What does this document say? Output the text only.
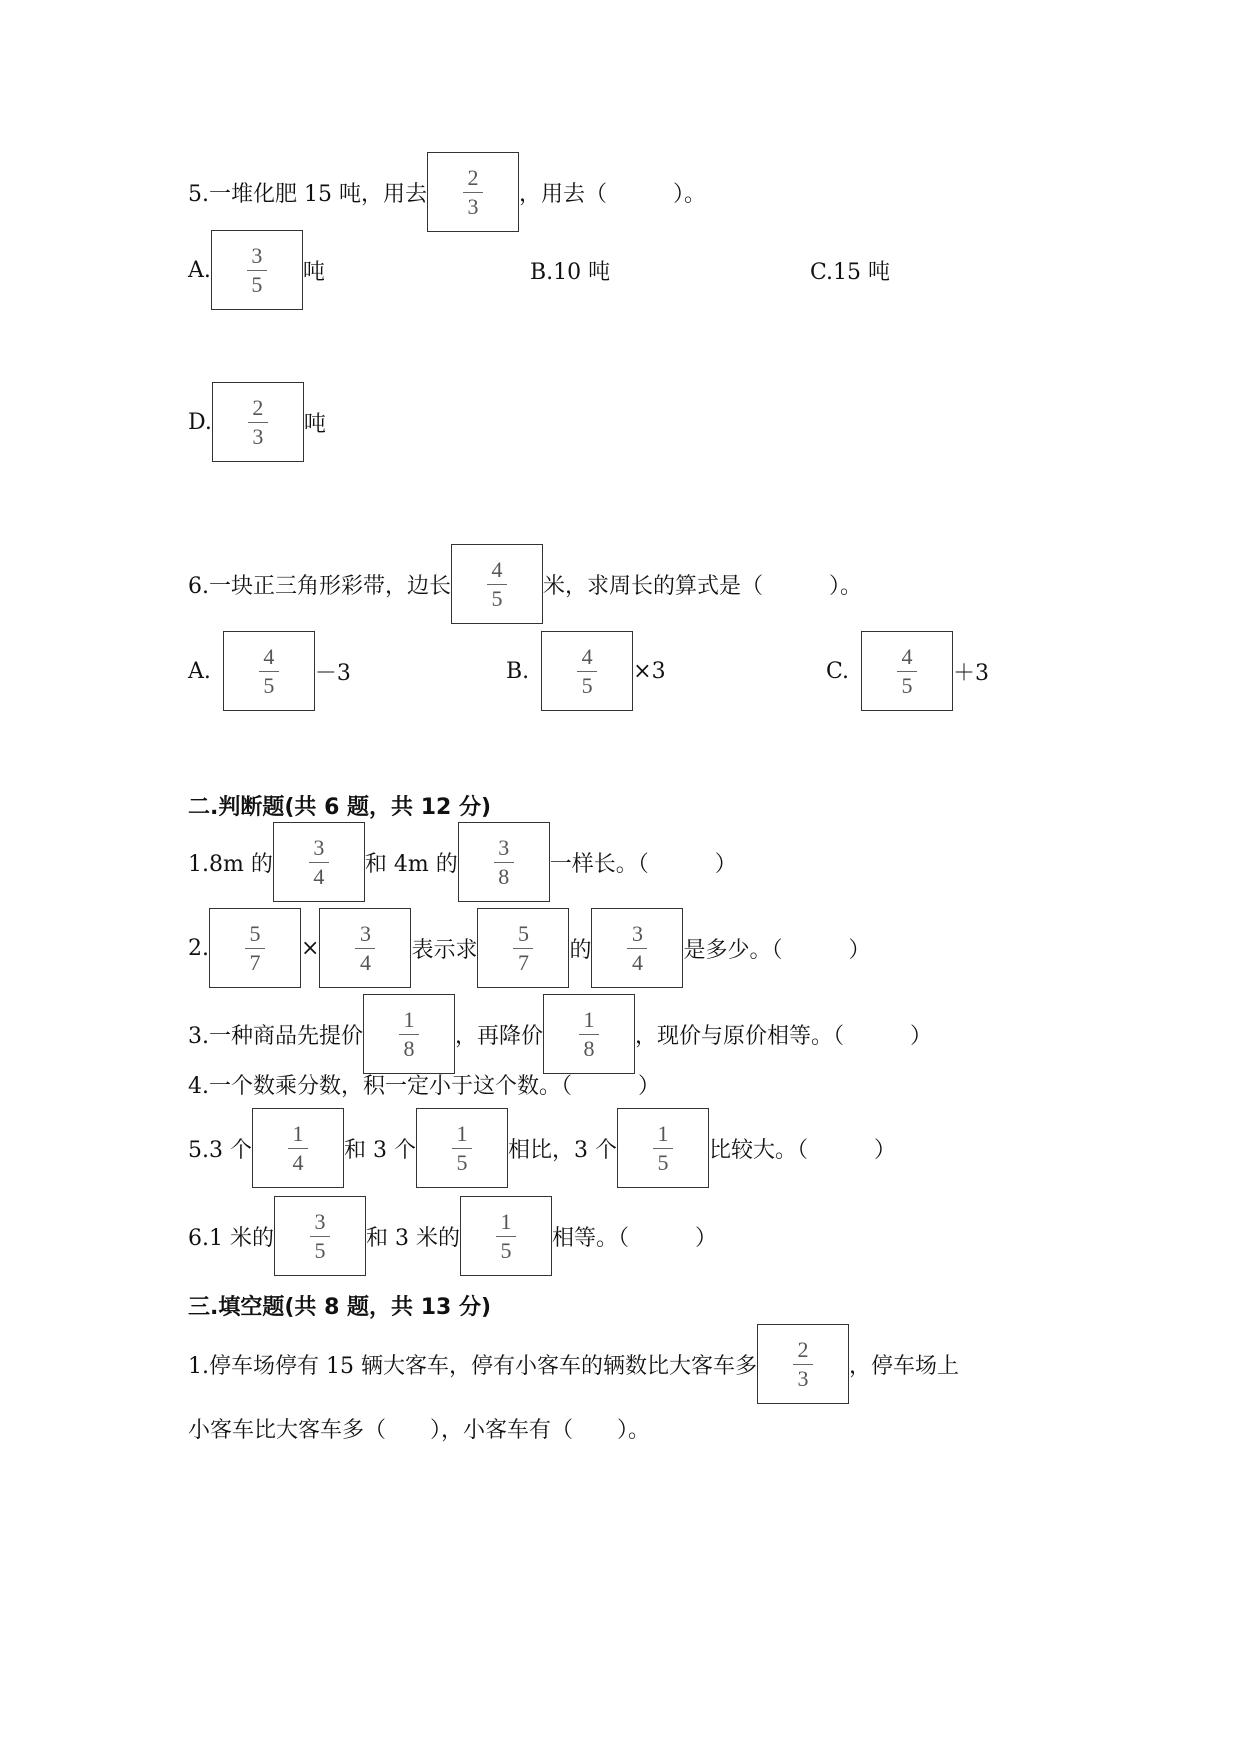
5.一堆化肥 15 吨，用去 $\frac{2}{3}$ ，用去（　　　）。
A. $\frac{3}{5}$ 吨	B.10 吨	C.15 吨
D. $\frac{2}{3}$ 吨
6.一块正三角形彩带，边长 $\frac{4}{5}$ 米，求周长的算式是（　　　）。
A. $\frac{4}{5} -3$	B. $\frac{4}{5} \times 3$	C. $\frac{4}{5} +3$
二.判断题(共 6 题，共 12 分)
1.8m 的 $\frac{3}{4}$ 和 4m 的 $\frac{3}{8}$ 一样长。（　　　）
2. $\frac{5}{7} \times \frac{3}{4}$ 表示求 $\frac{5}{7}$ 的 $\frac{3}{4}$ 是多少。（　　　）
3.一种商品先提价 $\frac{1}{8}$ ，再降价 $\frac{1}{8}$ ，现价与原价相等。（　　　）
4.一个数乘分数，积一定小于这个数。（　　　）
5.3 个 $\frac{1}{4}$ 和 3 个 $\frac{1}{5}$ 相比，3 个 $\frac{1}{5}$ 比较大。（　　　）
6.1 米的 $\frac{3}{5}$ 和 3 米的 $\frac{1}{5}$ 相等。（　　　）
三.填空题(共 8 题，共 13 分)
1.停车场停有 15 辆大客车，停有小客车的辆数比大客车多 $\frac{2}{3}$ ，停车场上
小客车比大客车多（　　），小客车有（　　）。
